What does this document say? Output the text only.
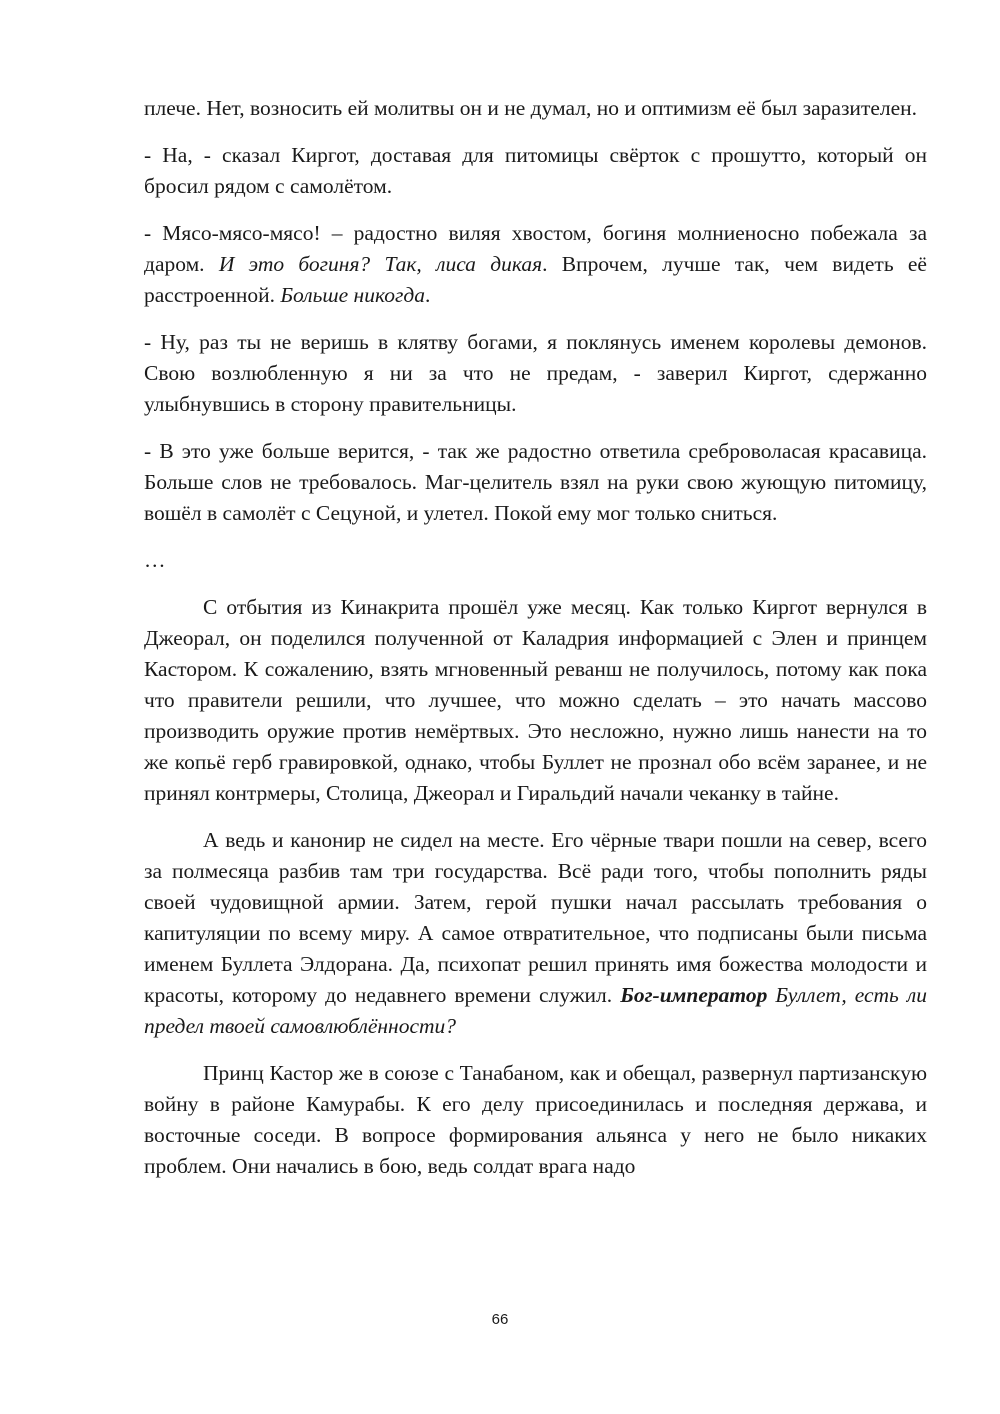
плече. Нет, возносить ей молитвы он и не думал, но и оптимизм её был заразителен.

- На, - сказал Киргот, доставая для питомицы свёрток с прошутто, который он бросил рядом с самолётом.

- Мясо-мясо-мясо! – радостно виляя хвостом, богиня молниеносно побежала за даром. И это богиня? Так, лиса дикая. Впрочем, лучше так, чем видеть её расстроенной. Больше никогда.

- Ну, раз ты не веришь в клятву богами, я поклянусь именем королевы демонов. Свою возлюбленную я ни за что не предам, - заверил Киргот, сдержанно улыбнувшись в сторону правительницы.

- В это уже больше верится, - так же радостно ответила среброволасая красавица. Больше слов не требовалось. Маг-целитель взял на руки свою жующую питомицу, вошёл в самолёт с Сецуной, и улетел. Покой ему мог только сниться.

…

С отбытия из Кинакрита прошёл уже месяц. Как только Киргот вернулся в Джеорал, он поделился полученной от Каладрия информацией с Элен и принцем Кастором. К сожалению, взять мгновенный реванш не получилось, потому как пока что правители решили, что лучшее, что можно сделать – это начать массово производить оружие против немёртвых. Это несложно, нужно лишь нанести на то же копьё герб гравировкой, однако, чтобы Буллет не прознал обо всём заранее, и не принял контрмеры, Столица, Джеорал и Гиральдий начали чеканку в тайне.

А ведь и канонир не сидел на месте. Его чёрные твари пошли на север, всего за полмесяца разбив там три государства. Всё ради того, чтобы пополнить ряды своей чудовищной армии. Затем, герой пушки начал рассылать требования о капитуляции по всему миру. А самое отвратительное, что подписаны были письма именем Буллета Элдорана. Да, психопат решил принять имя божества молодости и красоты, которому до недавнего времени служил. Бог-император Буллет, есть ли предел твоей самовлюблённости?

Принц Кастор же в союзе с Танабаном, как и обещал, развернул партизанскую войну в районе Камурабы. К его делу присоединилась и последняя держава, и восточные соседи. В вопросе формирования альянса у него не было никаких проблем. Они начались в бою, ведь солдат врага надо

66
